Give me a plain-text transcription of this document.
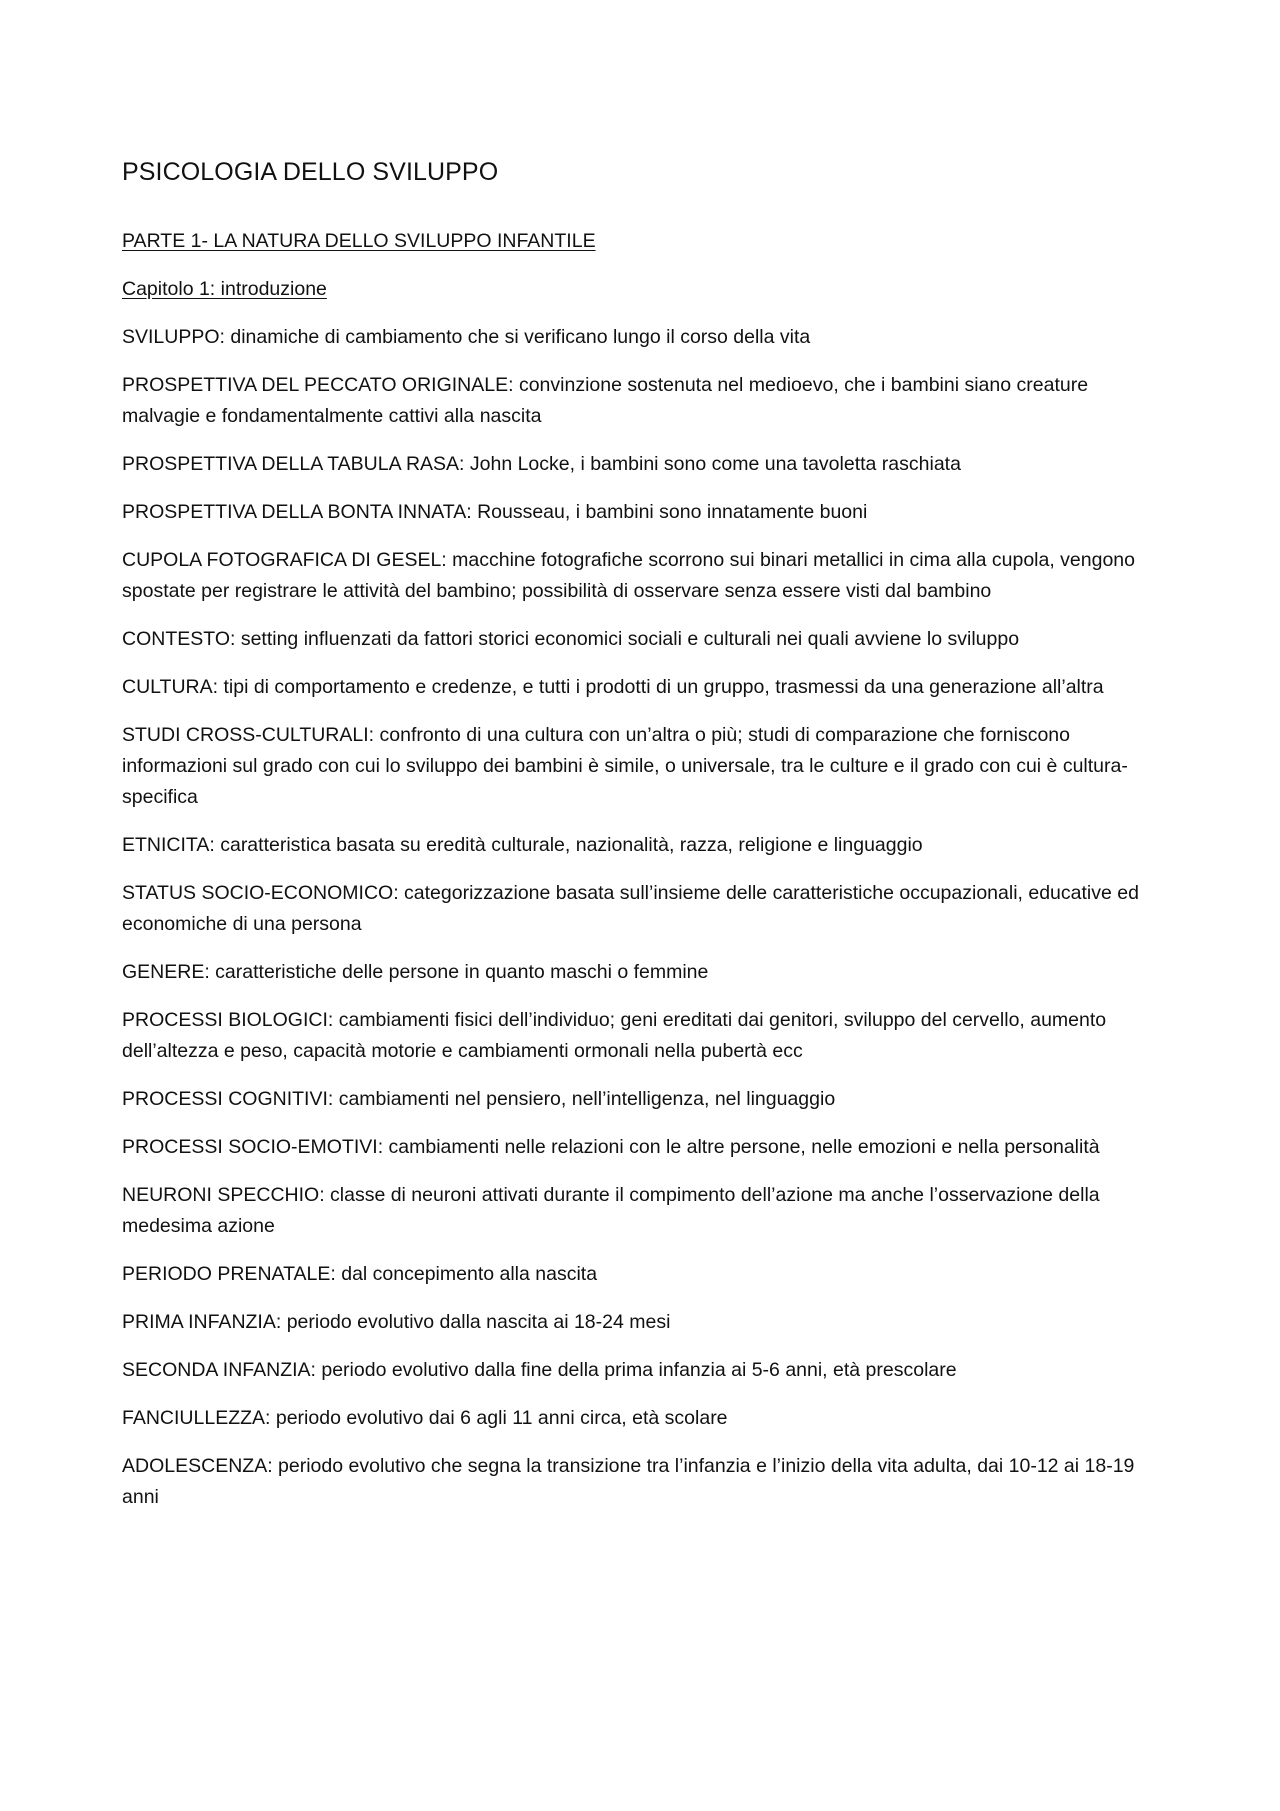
PSICOLOGIA DELLO SVILUPPO

PARTE 1- LA NATURA DELLO SVILUPPO INFANTILE

Capitolo 1: introduzione

SVILUPPO: dinamiche di cambiamento che si verificano lungo il corso della vita

PROSPETTIVA DEL PECCATO ORIGINALE: convinzione sostenuta nel medioevo, che i bambini siano creature malvagie e fondamentalmente cattivi alla nascita

PROSPETTIVA DELLA TABULA RASA: John Locke, i bambini sono come una tavoletta raschiata

PROSPETTIVA DELLA BONTA INNATA: Rousseau, i bambini sono innatamente buoni

CUPOLA FOTOGRAFICA DI GESEL: macchine fotografiche scorrono sui binari metallici in cima alla cupola, vengono spostate per registrare le attività del bambino; possibilità di osservare senza essere visti dal bambino

CONTESTO: setting influenzati da fattori storici economici sociali e culturali nei quali avviene lo sviluppo

CULTURA: tipi di comportamento e credenze, e tutti i prodotti di un gruppo, trasmessi da una generazione all’altra

STUDI CROSS-CULTURALI: confronto di una cultura con un’altra o più; studi di comparazione che forniscono informazioni sul grado con cui lo sviluppo dei bambini è simile, o universale, tra le culture e il grado con cui è cultura-specifica

ETNICITA: caratteristica basata su eredità culturale, nazionalità, razza, religione e linguaggio

STATUS SOCIO-ECONOMICO: categorizzazione basata sull’insieme delle caratteristiche occupazionali, educative ed economiche di una persona

GENERE: caratteristiche delle persone in quanto maschi o femmine

PROCESSI BIOLOGICI: cambiamenti fisici dell’individuo; geni ereditati dai genitori, sviluppo del cervello, aumento dell’altezza e peso, capacità motorie e cambiamenti ormonali nella pubertà ecc

PROCESSI COGNITIVI: cambiamenti nel pensiero, nell’intelligenza, nel linguaggio

PROCESSI SOCIO-EMOTIVI: cambiamenti nelle relazioni con le altre persone, nelle emozioni e nella personalità

NEURONI SPECCHIO: classe di neuroni attivati durante il compimento dell’azione ma anche l’osservazione della medesima azione

PERIODO PRENATALE: dal concepimento alla nascita

PRIMA INFANZIA: periodo evolutivo dalla nascita ai 18-24 mesi

SECONDA INFANZIA: periodo evolutivo dalla fine della prima infanzia ai 5-6 anni, età prescolare

FANCIULLEZZA: periodo evolutivo dai 6 agli 11 anni circa, età scolare

ADOLESCENZA: periodo evolutivo che segna la transizione tra l’infanzia e l’inizio della vita adulta, dai 10-12 ai 18-19 anni
